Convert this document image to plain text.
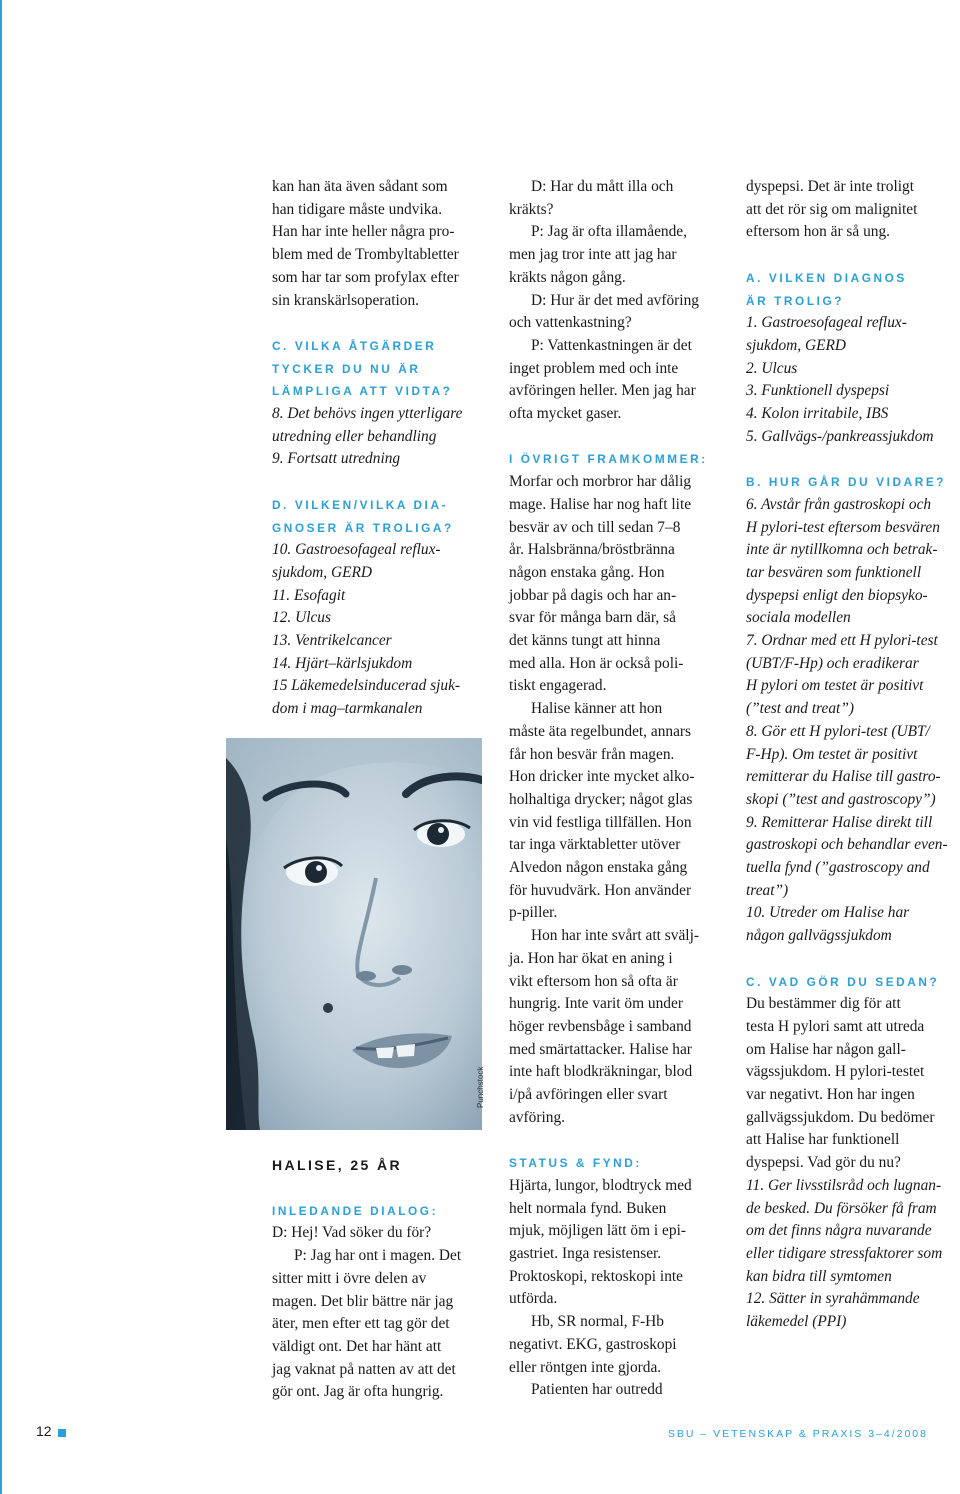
kan han äta även sådant som

han tidigare måste undvika.

Han har inte heller några pro-

blem med de Trombyltabletter

som har tar som profylax efter

sin kranskärlsoperation.

C. VILKA ÅTGÄRDER

TYCKER DU NU ÄR

LÄMPLIGA ATT VIDTA?

8. Det behövs ingen ytterligare

utredning eller behandling

9. Fortsatt utredning

D. VILKEN/VILKA DIA-

GNOSER ÄR TROLIGA?

10. Gastroesofageal reflux-

sjukdom, GERD

11. Esofagit

12. Ulcus

13. Ventrikelcancer

14. Hjärt–kärlsjukdom

15 Läkemedelsinducerad sjuk-

dom i mag–tarmkanalen

Punchstock

HALISE, 25 ÅR

INLEDANDE DIALOG:

D: Hej! Vad söker du för?

P: Jag har ont i magen. Det

sitter mitt i övre delen av

magen. Det blir bättre när jag

äter, men efter ett tag gör det

väldigt ont. Det har hänt att

jag vaknat på natten av att det

gör ont. Jag är ofta hungrig.

D: Har du mått illa och

kräkts?

P: Jag är ofta illamående,

men jag tror inte att jag har

kräkts någon gång.

D: Hur är det med avföring

och vattenkastning?

P: Vattenkastningen är det

inget problem med och inte

avföringen heller. Men jag har

ofta mycket gaser.

I ÖVRIGT FRAMKOMMER:

Morfar och morbror har dålig

mage. Halise har nog haft lite

besvär av och till sedan 7–8

år. Halsbränna/bröstbränna

någon enstaka gång. Hon

jobbar på dagis och har an-

svar för många barn där, så

det känns tungt att hinna

med alla. Hon är också poli-

tiskt engagerad.

Halise känner att hon

måste äta regelbundet, annars

får hon besvär från magen.

Hon dricker inte mycket alko-

holhaltiga drycker; något glas

vin vid festliga tillfällen. Hon

tar inga värktabletter utöver

Alvedon någon enstaka gång

för huvudvärk. Hon använder

p-piller.

Hon har inte svårt att svälj-

ja. Hon har ökat en aning i

vikt eftersom hon så ofta är

hungrig. Inte varit öm under

höger revbensbåge i samband

med smärtattacker. Halise har

inte haft blodkräkningar, blod

i/på avföringen eller svart

avföring.

STATUS & FYND:

Hjärta, lungor, blodtryck med

helt normala fynd. Buken

mjuk, möjligen lätt öm i epi-

gastriet. Inga resistenser.

Proktoskopi, rektoskopi inte

utförda.

Hb, SR normal, F-Hb

negativt. EKG, gastroskopi

eller röntgen inte gjorda.

Patienten har outredd

dyspepsi. Det är inte troligt

att det rör sig om malignitet

eftersom hon är så ung.

A. VILKEN DIAGNOS

ÄR TROLIG?

1. Gastroesofageal reflux-

sjukdom, GERD

2. Ulcus

3. Funktionell dyspepsi

4. Kolon irritabile, IBS

5. Gallvägs-/pankreassjukdom

B. HUR GÅR DU VIDARE?

6. Avstår från gastroskopi och

H pylori-test eftersom besvären

inte är nytillkomna och betrak-

tar besvären som funktionell

dyspepsi enligt den biopsyko-

sociala modellen

7. Ordnar med ett H pylori-test

(UBT/F-Hp) och eradikerar

H pylori om testet är positivt

(”test and treat”)

8. Gör ett H pylori-test (UBT/

F-Hp). Om testet är positivt

remitterar du Halise till gastro-

skopi (”test and gastroscopy”)

9. Remitterar Halise direkt till

gastroskopi och behandlar even-

tuella fynd (”gastroscopy and

treat”)

10. Utreder om Halise har

någon gallvägssjukdom

C. VAD GÖR DU SEDAN?

Du bestämmer dig för att

testa H pylori samt att utreda

om Halise har någon gall-

vägssjukdom. H pylori-testet

var negativt. Hon har ingen

gallvägssjukdom. Du bedömer

att Halise har funktionell

dyspepsi. Vad gör du nu?

11. Ger livsstilsråd och lugnan-

de besked. Du försöker få fram

om det finns några nuvarande

eller tidigare stressfaktorer som

kan bidra till symtomen

12. Sätter in syrahämmande

läkemedel (PPI)

12	SBU – VETENSKAP & PRAXIS 3–4/2008
